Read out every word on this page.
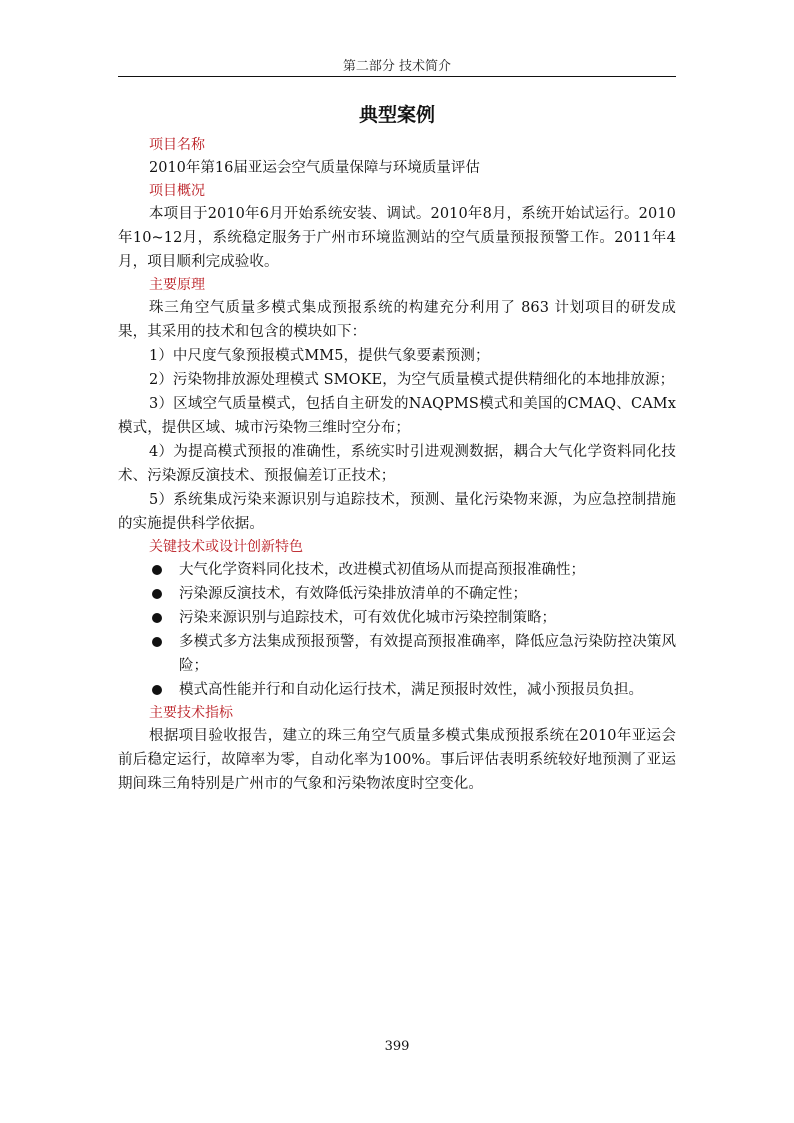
第二部分 技术简介
典型案例
项目名称
2010年第16届亚运会空气质量保障与环境质量评估
项目概况

本项目于2010年6月开始系统安装、调试。2010年8月，系统开始试运行。2010年10~12月，系统稳定服务于广州市环境监测站的空气质量预报预警工作。2011年4月，项目顺利完成验收。

主要原理

珠三角空气质量多模式集成预报系统的构建充分利用了 863 计划项目的研发成果，其采用的技术和包含的模块如下：

1）中尺度气象预报模式MM5，提供气象要素预测；

2）污染物排放源处理模式 SMOKE，为空气质量模式提供精细化的本地排放源；

3）区域空气质量模式，包括自主研发的NAQPMS模式和美国的CMAQ、CAMx模式，提供区域、城市污染物三维时空分布；

4）为提高模式预报的准确性，系统实时引进观测数据，耦合大气化学资料同化技术、污染源反演技术、预报偏差订正技术；

5）系统集成污染来源识别与追踪技术，预测、量化污染物来源，为应急控制措施的实施提供科学依据。

关键技术或设计创新特色
大气化学资料同化技术，改进模式初值场从而提高预报准确性；
污染源反演技术，有效降低污染排放清单的不确定性；
污染来源识别与追踪技术，可有效优化城市污染控制策略；
多模式多方法集成预报预警，有效提高预报准确率，降低应急污染防控决策风险；
模式高性能并行和自动化运行技术，满足预报时效性，减小预报员负担。
主要技术指标

根据项目验收报告，建立的珠三角空气质量多模式集成预报系统在2010年亚运会前后稳定运行，故障率为零，自动化率为100%。事后评估表明系统较好地预测了亚运期间珠三角特别是广州市的气象和污染物浓度时空变化。

399
